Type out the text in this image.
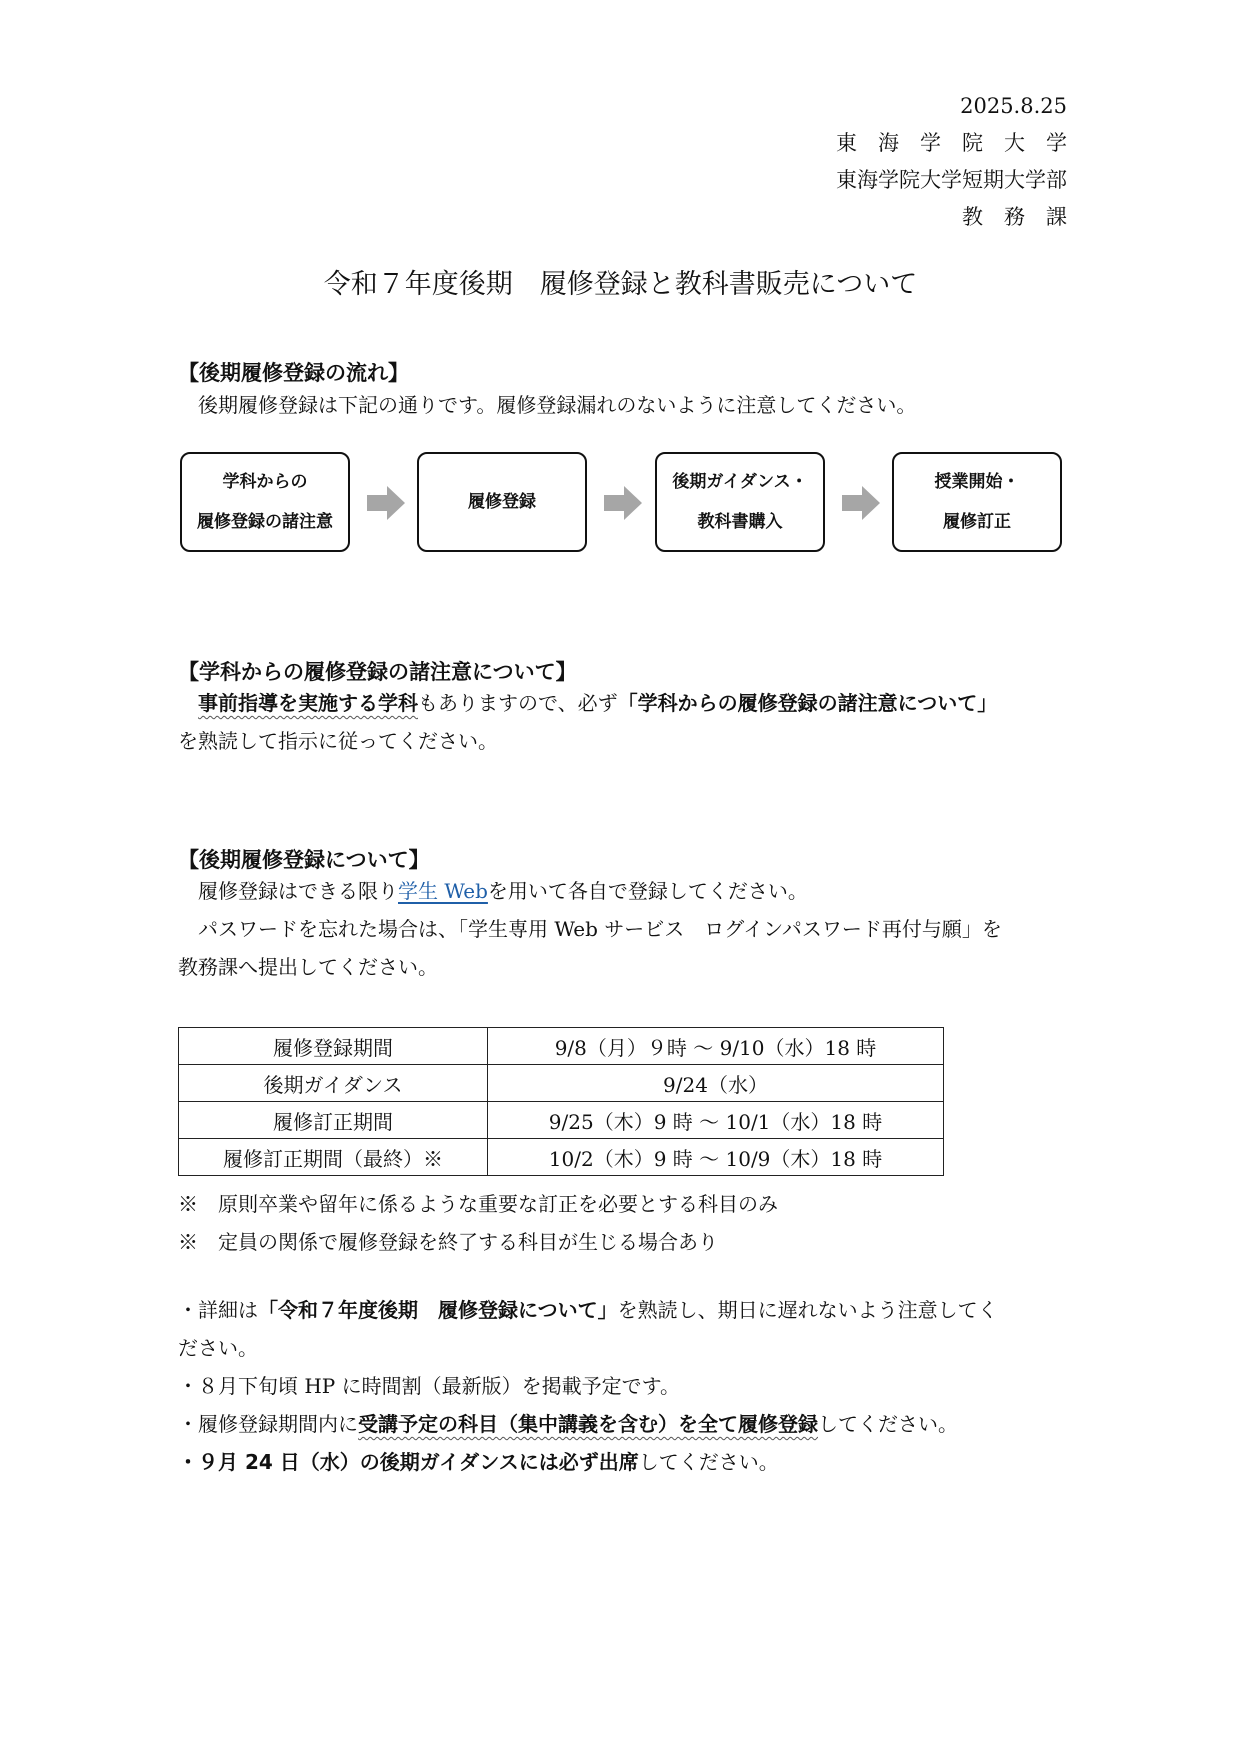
2025.8.25
東　海　学　院　大　学
東海学院大学短期大学部
教　務　課
令和７年度後期　履修登録と教科書販売について
【後期履修登録の流れ】
後期履修登録は下記の通りです。履修登録漏れのないように注意してください。
学科からの
履修登録の諸注意
履修登録
後期ガイダンス・
教科書購入
授業開始・
履修訂正
【学科からの履修登録の諸注意について】
事前指導を実施する学科もありますので、必ず「学科からの履修登録の諸注意について」
を熟読して指示に従ってください。
【後期履修登録について】
履修登録はできる限り学生 Webを用いて各自で登録してください。
パスワードを忘れた場合は、「学生専用 Web サービス　ログインパスワード再付与願」を
教務課へ提出してください。
履修登録期間	9/8（月）９時 ～ 9/10（水）18 時
後期ガイダンス	9/24（水）
履修訂正期間	9/25（木）9 時 ～ 10/1（水）18 時
履修訂正期間（最終）※	10/2（木）9 時 ～ 10/9（木）18 時
※　原則卒業や留年に係るような重要な訂正を必要とする科目のみ
※　定員の関係で履修登録を終了する科目が生じる場合あり
・詳細は「令和７年度後期　履修登録について」を熟読し、期日に遅れないよう注意してく
ださい。
・８月下旬頃 HP に時間割（最新版）を掲載予定です。
・履修登録期間内に受講予定の科目（集中講義を含む）を全て履修登録してください。
・９月 24 日（水）の後期ガイダンスには必ず出席してください。
